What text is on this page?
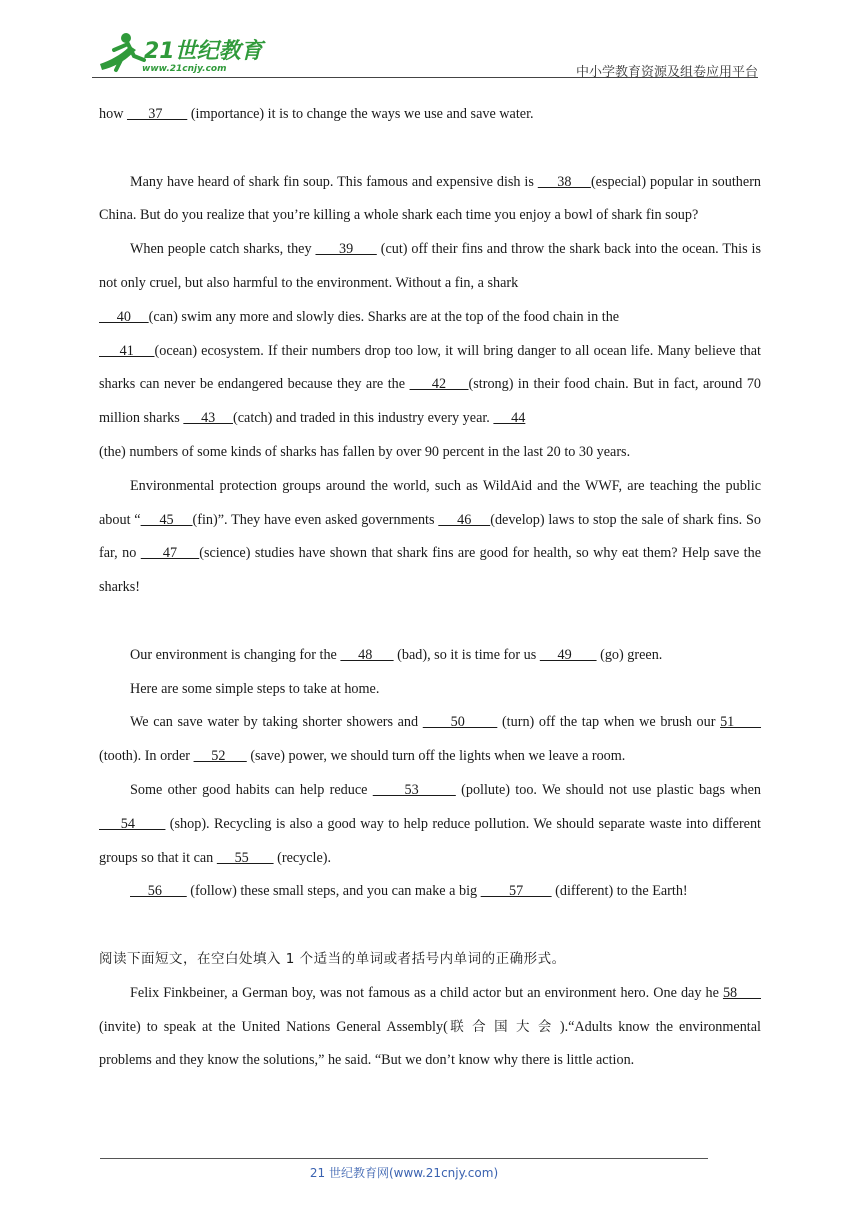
21世纪教育
www.21cnjy.com	中小学教育资源及组卷应用平台

how       37        (importance) it is to change the ways we use and save water.

Many have heard of shark fin soup. This famous and expensive dish is      38     (especial) popular in southern China. But do you realize that you’re killing a whole shark each time you enjoy a bowl of shark fin soup?

When people catch sharks, they       39       (cut) off their fins and throw the shark back into the ocean. This is not only cruel, but also harmful to the environment. Without a fin, a shark
40     (can) swim any more and slowly dies. Sharks are at the top of the food chain in the
41     (ocean) ecosystem. If their numbers drop too low, it will bring danger to all ocean life. Many believe that sharks can never be endangered because they are the      42     (strong) in their food chain. But in fact, around 70 million sharks      43     (catch) and traded in this industry every year.      44
(the) numbers of some kinds of sharks has fallen by over 90 percent in the last 20 to 30 years.

Environmental protection groups around the world, such as WildAid and the WWF, are teaching the public about “     45     (fin)”. They have even asked governments      46     (develop) laws to stop the sale of shark fins. So far, no      47     (science) studies have shown that shark fins are good for health, so why eat them? Help save the sharks!

Our environment is changing for the      48       (bad), so it is time for us      49        (go) green.

Here are some simple steps to take at home.

We can save water by taking shorter showers and       50        (turn) off the tap when we brush our 51       (tooth). In order      52       (save) power, we should turn off the lights when we leave a room.

Some other good habits can help reduce       53        (pollute) too. We should not use plastic bags when      54        (shop). Recycling is also a good way to help reduce pollution. We should separate waste into different groups so that it can      55        (recycle).

56        (follow) these small steps, and you can make a big         57         (different) to the Earth!

阅读下面短文，在空白处填入 1 个适当的单词或者括号内单词的正确形式。

Felix Finkbeiner, a German boy, was not famous as a child actor but an environment hero. One day he 58       (invite) to speak at the United Nations General Assembly(联合国大会).“Adults know the environmental problems and they know the solutions,” he said. “But we don’t know why there is little action.

21 世纪教育网(www.21cnjy.com)
